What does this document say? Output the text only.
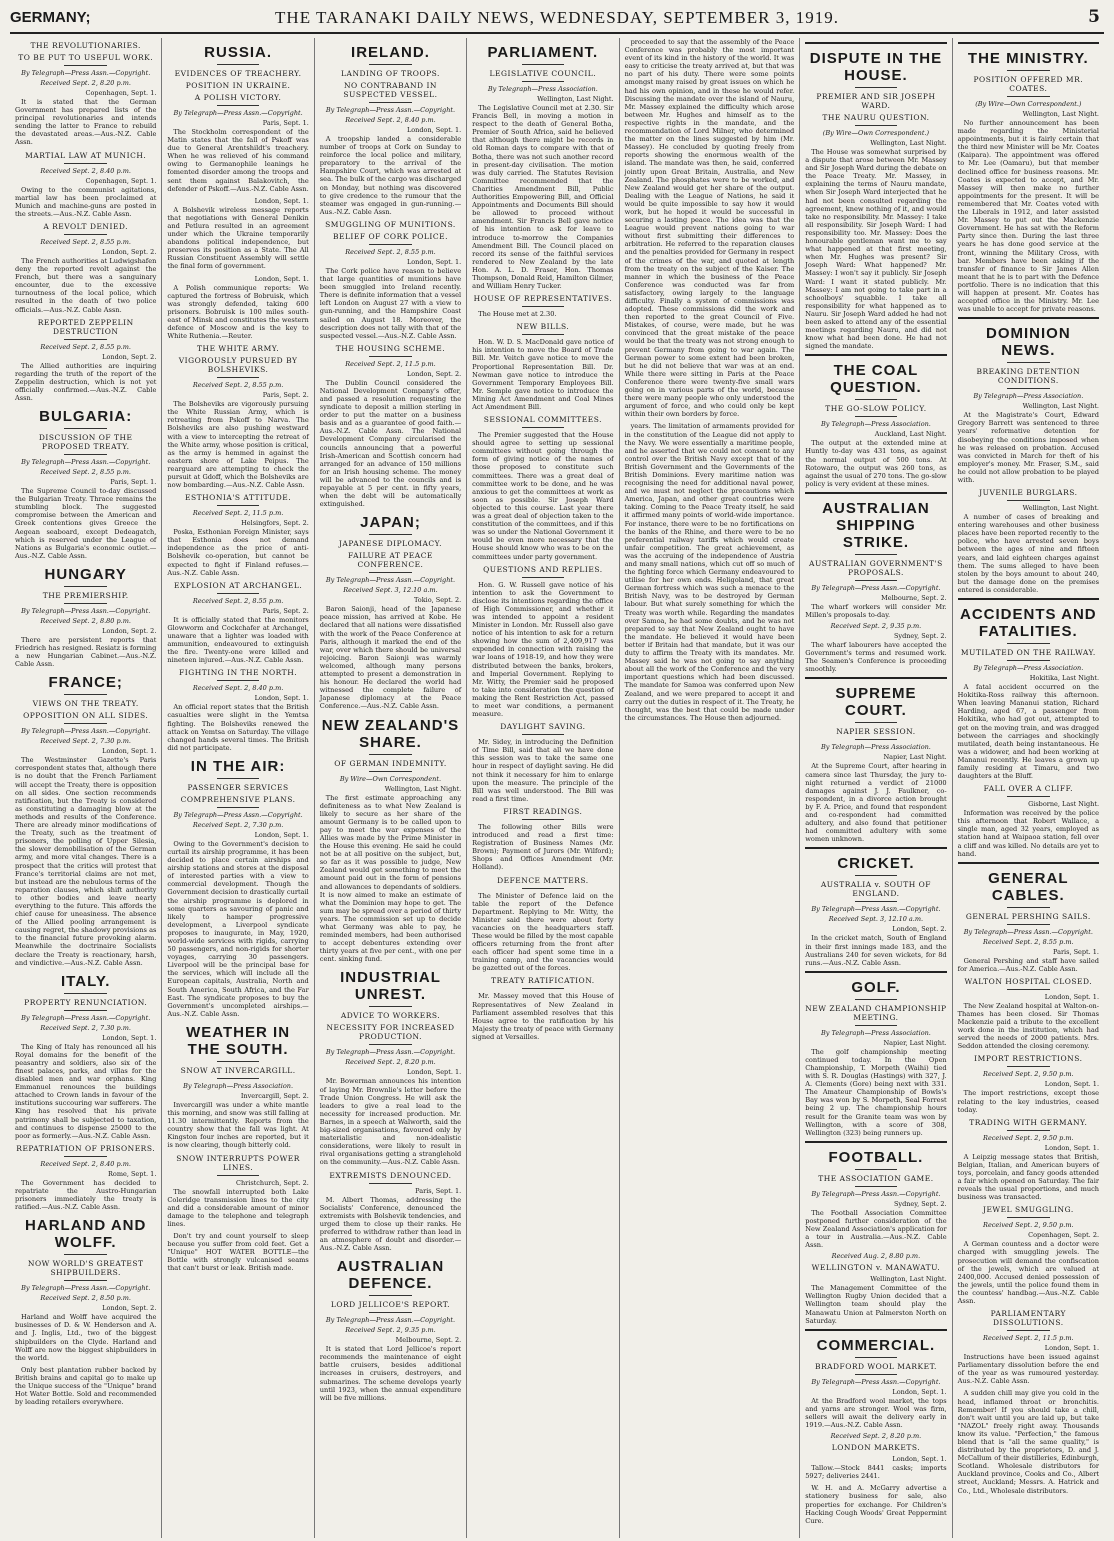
GERMANY;	THE TARANAKI DAILY NEWS, WEDNESDAY, SEPTEMBER 3, 1919.	5
THE REVOLUTIONARIES.
TO BE PUT TO USEFUL WORK.
By Telegraph—Press Assn.—Copyright.
Received Sept. 2, 8.20 p.m.
Copenhagen, Sept. 1.

It is stated that the German Government has prepared lists of the principal revolutionaries and intends sending the latter to France to rebuild the devastated areas.—Aus.-N.Z. Cable Assn.

MARTIAL LAW AT MUNICH.
Received Sept. 2, 8.40 p.m.
Copenhagen, Sept. 1.

Owing to the communist agitations, martial law has been proclaimed at Munich and machine-guns are posted in the streets.—Aus.-N.Z. Cable Assn.

A REVOLT DENIED.
Received Sept. 2, 8.55 p.m.
London, Sept. 2.

The French authorities at Ludwigshafen deny the reported revolt against the French, but there was a sanguinary encounter, due to the excessive turnoutness of the local police, which resulted in the death of two police officials.—Aus.-N.Z. Cable Assn.

REPORTED ZEPPELIN DESTRUCTION
Received Sept. 2, 8.55 p.m.
London, Sept. 2.

The Allied authorities are inquiring regarding the truth of the report of the Zeppelin destruction, which is not yet officially confirmed.—Aus.-N.Z. Cable Assn.

BULGARIA:
DISCUSSION OF THE PROPOSED TREATY.
By Telegraph—Press Assn.—Copyright.
Received Sept. 2, 8.55 p.m.
Paris, Sept. 1.

The Supreme Council to-day discussed the Bulgarian Treaty. Thrace remains the stumbling block. The suggested compromise between the American and Greek contentions gives Greece the Aegean seaboard, except Dedeagatch, which is reserved under the League of Nations as Bulgaria's economic outlet.—Aus.-N.Z. Cable Assn.

HUNGARY
THE PREMIERSHIP.
By Telegraph—Press Assn.—Copyright.
Received Sept. 2, 8.80 p.m.
London, Sept. 2.

There are persistent reports that Friedrich has resigned. Resiatz is forming a new Hungarian Cabinet.—Aus.-N.Z. Cable Assn.

FRANCE;
VIEWS ON THE TREATY.
OPPOSITION ON ALL SIDES.
By Telegraph—Press Assn.—Copyright.
Received Sept. 2, 7.30 p.m.
London, Sept. 1.

The Westminster Gazette's Paris correspondent states that, although there is no doubt that the French Parliament will accept the Treaty, there is opposition on all sides. One section recommends ratification, but the Treaty is considered as constituting a damaging blow at the methods and results of the Conference. There are already minor modifications of the Treaty, such as the treatment of prisoners, the polling of Upper Silesia, the slower demobilisation of the German army, and more vital changes. There is a prospect that the critics will protest that France's territorial claims are not met, but instead are the nebulous terms of the reparation clauses, which shift authority to other bodies and leave nearly everything to the future. This affords the chief cause for uneasiness. The absence of the Allied pooling arrangement is causing regret, the shadowy provisions as to the financial future provoking alarm. Meanwhile the doctrinaire Socialists declare the Treaty is reactionary, harsh, and vindictive.—Aus.-N.Z. Cable Assn.

ITALY.
PROPERTY RENUNCIATION.
By Telegraph—Press Assn.—Copyright.
Received Sept. 2, 7.30 p.m.
London, Sept. 1.

The King of Italy has renounced all his Royal domains for the benefit of the peasantry and soldiers, also six of the finest palaces, parks, and villas for the disabled men and war orphans. King Emmanuel renounces the buildings attached to Crown lands in favour of the institutions succouring war sufferers. The King has resolved that his private patrimony shall be subjected to taxation, and continues to dispense 25000 to the poor as formerly.—Aus.-N.Z. Cable Assn.

REPATRIATION OF PRISONERS.
Received Sept. 2, 8.40 p.m.
Rome, Sept. 1.

The Government has decided to repatriate the Austro-Hungarian prisoners immediately the treaty is ratified.—Aus.-N.Z. Cable Assn.

HARLAND AND WOLFF.
NOW WORLD'S GREATEST SHIPBUILDERS.
By Telegraph—Press Assn.—Copyright.
Received Sept. 2, 8.50 p.m.
London, Sept. 2.

Harland and Wolff have acquired the businesses of D. & W. Henderson and A. and J. Inglis, Ltd., two of the biggest shipbuilders on the Clyde. Harland and Wolff are now the biggest shipbuilders in the world.

Only best plantation rubber backed by British brains and capital go to make up the Unique success of the "Unique" brand Hot Water Bottle. Sold and recommended by leading retailers everywhere.

RUSSIA.
EVIDENCES OF TREACHERY.
POSITION IN UKRAINE.
A POLISH VICTORY.
By Telegraph—Press Assn.—Copyright.
Paris, Sept. 1.

The Stockholm correspondent of the Matin states that the fall of Pskoff was due to General Arentshildt's treachery. When he was relieved of his command owing to Germanophile leanings he fomented disorder among the troops and sent them against Balakovitch, the defender of Pskoff.—Aus.-N.Z. Cable Assn.

London, Sept. 1.

A Bolshevik wireless message reports that negotiations with General Denikin and Petlura resulted in an agreement under which the Ukraine temporarily abandons political independence, but preserves its position as a State. The All Russian Constituent Assembly will settle the final form of government.

London, Sept. 1.

A Polish communique reports: We captured the fortress of Bobruisk, which was strongly defended, taking 600 prisoners. Bobruisk is 100 miles south-east of Minsk and constitutes the western defence of Moscow and is the key to White Ruthenia.—Reuter.

THE WHITE ARMY.
VIGOROUSLY PURSUED BY BOLSHEVIKS.
Received Sept. 2, 8.55 p.m.
Paris, Sept. 2.

The Bolsheviks are vigorously pursuing the White Russian Army, which is retreating from Pskoff to Narva. The Bolsheviks are also pushing westward with a view to intercepting the retreat of the White army, whose position is critical, as the army is hemmed in against the eastern shore of Lake Peipus. The rearguard are attempting to check the pursuit at Gdoff, which the Bolsheviks are now bombarding.—Aus.-N.Z. Cable Assn.

ESTHONIA'S ATTITUDE.
Received Sept. 2, 11.5 p.m.
Helsingfors, Sept. 2.

Poska, Esthonian Foreign Minister, says that Esthonia does not demand independence as the price of anti-Bolshevik co-operation, but cannot be expected to fight if Finland refuses.—Aus.-N.Z. Cable Assn.

EXPLOSION AT ARCHANGEL.
Received Sept. 2, 8.55 p.m.
Paris, Sept. 2.

It is officially stated that the monitors Glowworm and Cockchafer at Archangel, unaware that a lighter was loaded with ammunition, endeavoured to extinguish the fire. Twenty-one were killed and nineteen injured.—Aus.-N.Z. Cable Assn.

FIGHTING IN THE NORTH.
Received Sept. 2, 8.40 p.m.
London, Sept. 1.

An official report states that the British casualties were slight in the Yemtsa fighting. The Bolsheviks renewed the attack on Yemtsa on Saturday. The village changed hands several times. The British did not participate.

IN THE AIR:
PASSENGER SERVICES
COMPREHENSIVE PLANS.
By Telegraph—Press Assn.—Copyright.
Received Sept. 2, 7.30 p.m.
London, Sept. 1.

Owing to the Government's decision to curtail its airship programme, it has been decided to place certain airships and airship stations and stores at the disposal of interested parties with a view to commercial development. Though the Government decision to drastically curtail the airship programme is deplored in some quarters as savouring of panic and likely to hamper progressive development, a Liverpool syndicate proposes to inaugurate, in May, 1920, world-wide services with rigids, carrying 50 passengers, and non-rigids for shorter voyages, carrying 30 passengers. Liverpool will be the principal base for the services, which will include all the European capitals, Australia, North and South America, South Africa, and the Far East. The syndicate proposes to buy the Government's uncompleted airships.—Aus.-N.Z. Cable Assn.

WEATHER IN THE SOUTH.
SNOW AT INVERCARGILL.
By Telegraph—Press Association.
Invercargill, Sept. 2.

Invercargill was under a white mantle this morning, and snow was still falling at 11.30 intermittently. Reports from the country show that the fall was light. At Kingston four inches are reported, but it is now clearing, though bitterly cold.

SNOW INTERRUPTS POWER LINES.
Christchurch, Sept. 2.

The snowfall interrupted both Lake Coleridge transmission lines to the city and did a considerable amount of minor damage to the telephone and telegraph lines.

Don't try and count yourself to sleep because you suffer from cold feet. Get a "Unique" HOT WATER BOTTLE—the Bottle with strongly vulcanised seams that can't burst or leak. British made.

IRELAND.
LANDING OF TROOPS.
NO CONTRABAND IN SUSPECTED VESSEL.
By Telegraph—Press Assn.—Copyright.
Received Sept. 2, 8.40 p.m.
London, Sept. 1.

A troopship landed a considerable number of troops at Cork on Sunday to reinforce the local police and military, preparatory to the arrival of the Hampshire Court, which was arrested at sea. The bulk of the cargo was discharged on Monday, but nothing was discovered to give credence to the rumour that the steamer was engaged in gun-running.—Aus.-N.Z. Cable Assn.

SMUGGLING OF MUNITIONS.
BELIEF OF CORK POLICE.
Received Sept. 2, 8.55 p.m.
London, Sept. 1.

The Cork police have reason to believe that large quantities of munitions have been smuggled into Ireland recently. There is definite information that a vessel left London on August 27 with a view to gun-running, and the Hampshire Coast sailed on August 18. Moreover, the description does not tally with that of the suspected vessel.—Aus.-N.Z. Cable Assn.

THE HOUSING SCHEME.
Received Sept. 2, 11.5 p.m.
London, Sept. 2.

The Dublin Council considered the National Development Company's offer, and passed a resolution requesting the syndicate to deposit a million sterling in order to put the matter on a business basis and as a guarantee of good faith.—Aus.-N.Z. Cable Assn. The National Development Company circularised the councils announcing that a powerful Irish-American and Scottish concern had arranged for an advance of 150 millions for an Irish housing scheme. The money will be advanced to the councils and is repayable at 5 per cent. in fifty years, when the debt will be automatically extinguished.

JAPAN;
JAPANESE DIPLOMACY.
FAILURE AT PEACE CONFERENCE.
By Telegraph—Press Assn.—Copyright.
Received Sept. 3, 12.10 a.m.
Tokio, Sept. 2.

Baron Saionji, head of the Japanese peace mission, has arrived at Kobe. He declared that all nations were dissatisfied with the work of the Peace Conference at Paris, although it marked the end of the war, over which there should be universal rejoicing. Baron Saionji was warmly welcomed, although many persons attempted to present a demonstration in his honour. He declared the world had witnessed the complete failure of Japanese diplomacy at the Peace Conference.—Aus.-N.Z. Cable Assn.

NEW ZEALAND'S SHARE.
OF GERMAN INDEMNITY.
By Wire—Own Correspondent.
Wellington, Last Night.

The first estimate approaching any definiteness as to what New Zealand is likely to secure as her share of the amount Germany is to be called upon to pay to meet the war expenses of the Allies was made by the Prime Minister in the House this evening. He said he could not be at all positive on the subject, but, so far as it was possible to judge, New Zealand would get something to meet the amount paid out in the form of pensions and allowances to dependants of soldiers. It is now aimed to make an estimate of what the Dominion may hope to get. The sum may be spread over a period of thirty years. The commission set up to decide what Germany was able to pay, he reminded members, had been authorised to accept debentures extending over thirty years at five per cent., with one per cent. sinking fund.

INDUSTRIAL UNREST.
ADVICE TO WORKERS.
NECESSITY FOR INCREASED PRODUCTION.
By Telegraph—Press Assn.—Copyright.
Received Sept. 2, 8.20 p.m.
London, Sept. 1.

Mr. Bowerman announces his intention of laying Mr. Brownlie's letter before the Trade Union Congress. He will ask the leaders to give a real lead to the necessity for increased production. Mr. Barnes, in a speech at Walworth, said the big-sized organisations, favoured only by materialistic and non-idealistic considerations, were likely to result in rival organisations getting a stranglehold on the community.—Aus.-N.Z. Cable Assn.

EXTREMISTS DENOUNCED.
Paris, Sept. 1.

M. Albert Thomas, addressing the Socialists' Conference, denounced the extremists with Bolshevik tendencies, and urged them to close up their ranks. He preferred to withdraw rather than lead in an atmosphere of doubt and disorder.—Aus.-N.Z. Cable Assn.

AUSTRALIAN DEFENCE.
LORD JELLICOE'S REPORT.
By Telegraph—Press Assn.—Copyright.
Received Sept. 2, 9.35 p.m.
Melbourne, Sept. 2.

It is stated that Lord Jellicoe's report recommends the maintenance of eight battle cruisers, besides additional increases in cruisers, destroyers, and submarines. The scheme develops yearly until 1923, when the annual expenditure will be five millions.

PARLIAMENT.
LEGISLATIVE COUNCIL.
By Telegraph—Press Association.
Wellington, Last Night.

The Legislative Council met at 2.30. Sir Francis Bell, in moving a motion in respect to the death of General Botha, Premier of South Africa, said he believed that although there might be records in old Roman days to compare with that of Botha, there was not such another record in present-day civilisation. The motion was duly carried. The Statutes Revision Committee recommended that the Charities Amendment Bill, Public Authorities Empowering Bill, and Official Appointments and Documents Bill should be allowed to proceed without amendment. Sir Francis Bell gave notice of his intention to ask for leave to introduce to-morrow the Companies Amendment Bill. The Council placed on record its sense of the faithful services rendered to New Zealand by the late Hon. A. L. D. Fraser, Hon. Thomas Thompson, Donald Reid, Hamilton Gilmer, and William Henry Tucker.

HOUSE OF REPRESENTATIVES.

The House met at 2.30.

NEW BILLS.

Hon. W. D. S. MacDonald gave notice of his intention to move the Board of Trade Bill. Mr. Veitch gave notice to move the Proportional Representation Bill. Dr. Newman gave notice to introduce the Government Temporary Employees Bill. Mr. Semple gave notice to introduce the Mining Act Amendment and Coal Mines Act Amendment Bill.

SESSIONAL COMMITTEES.

The Premier suggested that the House should agree to setting up sessional committees without going through the form of giving notice of the names of those proposed to constitute such committees. There was a great deal of committee work to be done, and he was anxious to get the committees at work as soon as possible. Sir Joseph Ward objected to this course. Last year there was a great deal of objection taken to the constitution of the committees, and if this was so under the National Government it would be even more necessary that the House should know who was to be on the committees under party government.

QUESTIONS AND REPLIES.

Hon. G. W. Russell gave notice of his intention to ask the Government to disclose its intentions regarding the office of High Commissioner, and whether it was intended to appoint a resident Minister in London. Mr. Russell also gave notice of his intention to ask for a return showing how the sum of 2,409,917 was expended in connection with raising the war loans of 1918-19, and how they were distributed between the banks, brokers, and Imperial Government. Replying to Mr. Witty, the Premier said he proposed to take into consideration the question of making the Rent Restriction Act, passed to meet war conditions, a permanent measure.

DAYLIGHT SAVING.

Mr. Sidey, in introducing the Definition of Time Bill, said that all we have done this session was to take the same one hour in respect of daylight saving. He did not think it necessary for him to enlarge upon the measure. The principle of the Bill was well understood. The Bill was read a first time.

FIRST READINGS.

The following other Bills were introduced and read a first time: Registration of Business Names (Mr. Brown); Payment of Jurors (Mr. Wilford); Shops and Offices Amendment (Mr. Holland).

DEFENCE MATTERS.

The Minister of Defence laid on the table the report of the Defence Department. Replying to Mr. Witty, the Minister said there were about forty vacancies on the headquarters staff. These would be filled by the most capable officers returning from the front after each officer had spent some time in a training camp, and the vacancies would be gazetted out of the forces.

TREATY RATIFICATION.

Mr. Massey moved that this House of Representatives of New Zealand in Parliament assembled resolves that this House agree to the ratification by his Majesty the treaty of peace with Germany signed at Versailles.

proceeded to say that the assembly of the Peace Conference was probably the most important event of its kind in the history of the world. It was easy to criticise the treaty arrived at, but that was no part of his duty. There were some points amongst many raised by great issues on which he had his own opinion, and in these he would refer. Discussing the mandate over the island of Nauru, Mr. Massey explained the difficulty which arose between Mr. Hughes and himself as to the respective rights in the mandate, and the recommendation of Lord Milner, who determined the matter on the lines suggested by him (Mr. Massey). He concluded by quoting freely from reports showing the enormous wealth of the island. The mandate was then, he said, conferred jointly upon Great Britain, Australia, and New Zealand. The phosphates were to be worked, and New Zealand would get her share of the output. Dealing with the League of Nations, he said it would be quite impossible to say how it would work, but he hoped it would be successful in securing a lasting peace. The idea was that the League would prevent nations going to war without first submitting their differences to arbitration. He referred to the reparation clauses and the penalties provided for Germany in respect of the crimes of the war, and quoted at length from the treaty on the subject of the Kaiser. The manner in which the business of the Peace Conference was conducted was far from satisfactory, owing largely to the language difficulty. Finally a system of commissions was adopted. These commissions did the work and then reported to the great Council of Five. Mistakes, of course, were made, but he was convinced that the great mistake of the peace would be that the treaty was not strong enough to prevent Germany from going to war again. The German power to some extent had been broken, but he did not believe that war was at an end. While there were sitting in Paris at the Peace Conference there were twenty-five small wars going on in various parts of the world, because there were many people who only understood the argument of force, and who could only be kept within their own borders by force.

years. The limitation of armaments provided for in the constitution of the League did not apply to the Navy. We were essentially a maritime people, and he asserted that we could not consent to any control over the British Navy except that of the British Government and the Governments of the British Dominions. Every maritime nation was recognising the need for additional naval power, and we must not neglect the precautions which America, Japan, and other great countries were taking. Coming to the Peace Treaty itself, he said it affirmed many points of world-wide importance. For instance, there were to be no fortifications on the banks of the Rhine, and there were to be no preferential railway tariffs which would create unfair competition. The great achievement, as was the accruing of the independence of Austria and many small nations, which cut off so much of the fighting force which Germany endeavoured to utilise for her own ends. Heligoland, that great German fortress which was such a menace to the British Navy, was to be destroyed by German labour. But what surely something for which the Treaty was worth while. Regarding the mandates over Samoa, he had some doubts, and he was not prepared to say that New Zealand ought to have the mandate. He believed it would have been better if Britain had that mandate, but it was our duty to affirm the Treaty with its mandates. Mr. Massey said he was not going to say anything about all the work of the Conference and the very important questions which had been discussed. The mandate for Samoa was conferred upon New Zealand, and we were prepared to accept it and carry out the duties in respect of it. The Treaty, he thought, was the best that could be made under the circumstances. The House then adjourned.

DISPUTE IN THE HOUSE.
PREMIER AND SIR JOSEPH WARD.
THE NAURU QUESTION.
(By Wire—Own Correspondent.)
Wellington, Last Night.

The House was somewhat surprised by a dispute that arose between Mr. Massey and Sir Joseph Ward during the debate on the Peace Treaty. Mr. Massey, in explaining the terms of Nauru mandate, when Sir Joseph Ward interjected that he had not been consulted regarding the agreement, knew nothing of it, and would take no responsibility. Mr. Massey: I take all responsibility. Sir Joseph Ward: I had responsibility too. Mr. Massey: Does the honourable gentleman want me to say what happened at that first meeting, when Mr. Hughes was present? Sir Joseph Ward: What happened? Mr. Massey: I won't say it publicly. Sir Joseph Ward: I want it stated publicly. Mr. Massey: I am not going to take part in a schoolboys' squabble. I take all responsibility for what happened as to Nauru. Sir Joseph Ward added he had not been asked to attend any of the essential meetings regarding Nauru, and did not know what had been done. He had not signed the mandate.

THE COAL QUESTION.
THE GO-SLOW POLICY.
By Telegraph—Press Association.
Auckland, Last Night.

The output at the extended mine at Huntly to-day was 431 tons, as against the normal output of 500 tons. At Rotowaro, the output was 260 tons, as against the usual of 270 tons. The go-slow policy is very evident at these mines.

AUSTRALIAN SHIPPING STRIKE.
AUSTRALIAN GOVERNMENT'S PROPOSALS.
By Telegraph—Press Assn.—Copyright.
Melbourne, Sept. 2.

The wharf workers will consider Mr. Millen's proposals to-day.

Received Sept. 2, 9.35 p.m.
Sydney, Sept. 2.

The wharf labourers have accepted the Government's terms and resumed work. The Seamen's Conference is proceeding smoothly.

SUPREME COURT.
NAPIER SESSION.
By Telegraph—Press Association.
Napier, Last Night.

At the Supreme Court, after hearing in camera since last Thursday, the jury to-night returned a verdict of 21000 damages against J. J. Faulkner, co-respondent, in a divorce action brought by F. A. Price, and found that respondent and co-respondent had committed adultery, and also found that petitioner had committed adultery with some women unknown.

CRICKET.
AUSTRALIA v. SOUTH OF ENGLAND.
By Telegraph—Press Assn.—Copyright.
Received Sept. 3, 12.10 a.m.
London, Sept. 2.

In the cricket match, South of England in their first innings made 183, and the Australians 240 for seven wickets, for 8d runs.—Aus.-N.Z. Cable Assn.

GOLF.
NEW ZEALAND CHAMPIONSHIP MEETING.
By Telegraph—Press Association.
Napier, Last Night.

The golf championship meeting continued today. In the Open Championship, T. Morpeth (Waihi) tied with S. R. Douglas (Hastings) with 327, J. A. Clements (Gore) being next with 331. The Amateur Championship of Bowls's Bay was won by S. Morpeth, Seal Forrest being 2 up. The championship hours result for the Granite team was won by Wellington, with a score of 308, Wellington (323) being runners up.

FOOTBALL.
THE ASSOCIATION GAME.
By Telegraph—Press Assn.—Copyright.
Sydney, Sept. 2.

The Football Association Committee postponed further consideration of the New Zealand Association's application for a tour in Australia.—Aus.-N.Z. Cable Assn.

Received Aug. 2, 8.80 p.m.
WELLINGTON v. MANAWATU.
Wellington, Last Night.

The Management Committee of the Wellington Rugby Union decided that a Wellington team should play the Manawatu Union at Palmerston North on Saturday.

COMMERCIAL.
BRADFORD WOOL MARKET.
By Telegraph—Press Assn.—Copyright.
London, Sept. 1.

At the Bradford wool market, the tops and yarns are stronger. Wool was firm, sellers will await the delivery early in 1919.—Aus.-N.Z. Cable Assn.

Received Sept. 2, 8.20 p.m.
LONDON MARKETS.
London, Sept. 1.

Tallow.—Stock 8441 casks; imports 5927; deliveries 2441.

W. H. and A. McGarry advertise a stationery business for sale, also properties for exchange. For Children's Hacking Cough Woods' Great Peppermint Cure.

THE MINISTRY.
POSITION OFFERED MR. COATES.
(By Wire—Own Correspondent.)
Wellington, Last Night.

No further announcement has been made regarding the Ministerial appointments, but it is fairly certain that the third new Minister will be Mr. Coates (Kaipara). The appointment was offered to Mr. Lee (Oamaru), but that member declined office for business reasons. Mr. Coates is expected to accept, and Mr. Massey will then make no further appointments for the present. It will be remembered that Mr. Coates voted with the Liberals in 1912, and later assisted Mr. Massey to put out the Mackenzie Government. He has sat with the Reform Party since then. During the last three years he has done good service at the front, winning the Military Cross, with bar. Members have been asking if the transfer of finance to Sir James Allen meant that he is to part with the Defence portfolio. There is no indication that this will happen at present. Mr. Coates has accepted office in the Ministry. Mr. Lee was unable to accept for private reasons.

DOMINION NEWS.
BREAKING DETENTION CONDITIONS.
By Telegraph—Press Association.
Wellington, Last Night.

At the Magistrate's Court, Edward Gregory Barrett was sentenced to three years' reformative detention for disobeying the conditions imposed when he was released on probation. Accused was convicted in March for theft of his employer's money. Mr. Fraser, S.M., said he could not allow probation to be played with.

JUVENILE BURGLARS.
Wellington, Last Night.

A number of cases of breaking and entering warehouses and other business places have been reported recently to the police, who have arrested seven boys between the ages of nine and fifteen years, and laid eighteen charges against them. The sums alleged to have been stolen by the boys amount to about 240, but the damage done on the premises entered is considerable.

ACCIDENTS AND FATALITIES.
MUTILATED ON THE RAILWAY.
By Telegraph—Press Association.
Hokitika, Last Night.

A fatal accident occurred on the Hokitika-Ross railway this afternoon. When leaving Mananui station, Richard Harding, aged 67, a passenger from Hokitika, who had got out, attempted to get on the moving train, and was dragged between the carriages and shockingly mutilated, death being instantaneous. He was a widower, and had been working at Mananui recently. He leaves a grown up family residing at Timaru, and two daughters at the Bluff.

FALL OVER A CLIFF.
Gisborne, Last Night.

Information was received by the police this afternoon that Robert Wallace, a single man, aged 32 years, employed as station hand at Waipaoa station, fell over a cliff and was killed. No details are yet to hand.

GENERAL CABLES.
GENERAL PERSHING SAILS.
By Telegraph—Press Assn.—Copyright.
Received Sept. 2, 8.55 p.m.
Paris, Sept. 1.

General Pershing and staff have sailed for America.—Aus.-N.Z. Cable Assn.

WALTON HOSPITAL CLOSED.
London, Sept. 1.

The New Zealand hospital at Walton-on-Thames has been closed. Sir Thomas Mackenzie paid a tribute to the excellent work done in the institution, which had served the needs of 2000 patients. Mrs. Seddon attended the closing ceremony.

IMPORT RESTRICTIONS.
Received Sept. 2, 9.50 p.m.
London, Sept. 1.

The import restrictions, except those relating to the key industries, ceased today.

TRADING WITH GERMANY.
Received Sept. 2, 9.50 p.m.
London, Sept. 1.

A Leipzig message states that British, Belgian, Italian, and American buyers of toys, porcelain, and fancy goods attended a fair which opened on Saturday. The fair reveals the usual proportions, and much business was transacted.

JEWEL SMUGGLING.
Received Sept. 2, 9.50 p.m.
Copenhagen, Sept. 2.

A German countess and a doctor were charged with smuggling jewels. The prosecution will demand the confiscation of the jewels, which are valued at 2400,000. Accused denied possession of the jewels, until the police found them in the countess' handbag.—Aus.-N.Z. Cable Assn.

PARLIAMENTARY DISSOLUTIONS.
Received Sept. 2, 11.5 p.m.
London, Sept. 1.

Instructions have been issued against Parliamentary dissolution before the end of the year as was rumoured yesterday. Aus.-N.Z. Cable Assn.

A sudden chill may give you cold in the head, inflamed throat or bronchitis. Remember! If you should take a chill, don't wait until you are laid up, but take "NAZOL" freely right away. Thousands know its value. "Perfection," the famous blend that is "all the same quality," is distributed by the proprietors, D. and J. McCallum of their distilleries, Edinburgh, Scotland. Wholesale distributors for Auckland province, Cooks and Co., Albert street, Auckland; Messrs. A. Hatrick and Co., Ltd., Wholesale distributors.
